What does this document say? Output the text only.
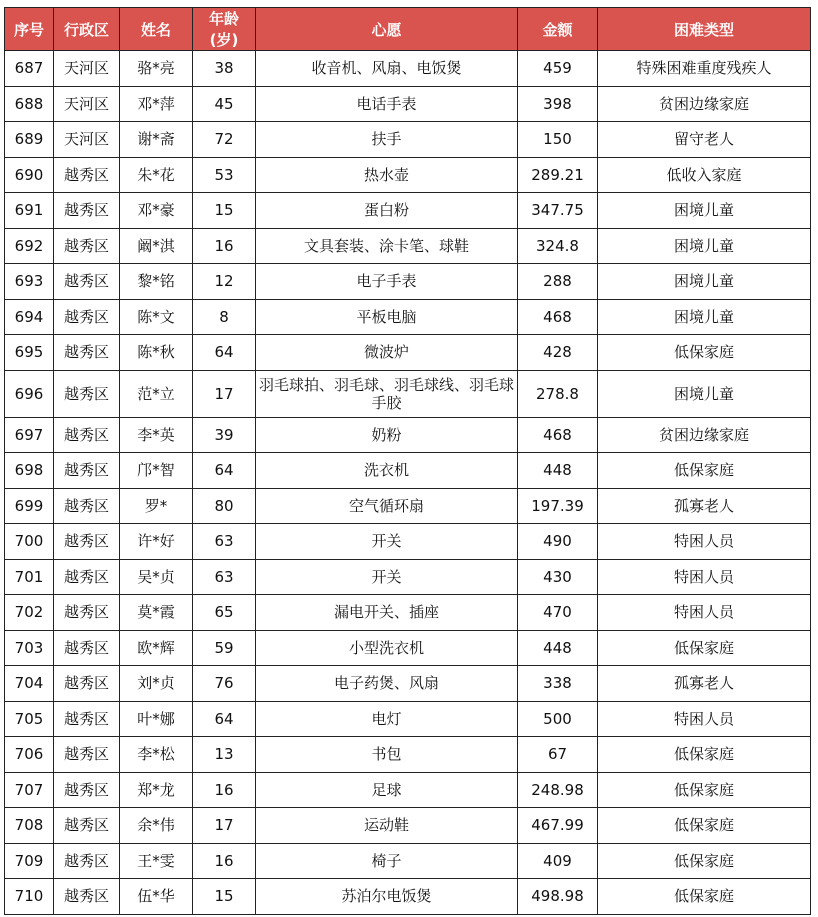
序号	行政区	姓名	年龄(岁)	心愿	金额	困难类型
687	天河区	骆*亮	38	收音机、风扇、电饭煲	459	特殊困难重度残疾人
688	天河区	邓*萍	45	电话手表	398	贫困边缘家庭
689	天河区	谢*斋	72	扶手	150	留守老人
690	越秀区	朱*花	53	热水壶	289.21	低收入家庭
691	越秀区	邓*豪	15	蛋白粉	347.75	困境儿童
692	越秀区	阚*淇	16	文具套装、涂卡笔、球鞋	324.8	困境儿童
693	越秀区	黎*铭	12	电子手表	288	困境儿童
694	越秀区	陈*文	8	平板电脑	468	困境儿童
695	越秀区	陈*秋	64	微波炉	428	低保家庭
696	越秀区	范*立	17	羽毛球拍、羽毛球、羽毛球线、羽毛球手胶	278.8	困境儿童
697	越秀区	李*英	39	奶粉	468	贫困边缘家庭
698	越秀区	邝*智	64	洗衣机	448	低保家庭
699	越秀区	罗*	80	空气循环扇	197.39	孤寡老人
700	越秀区	许*好	63	开关	490	特困人员
701	越秀区	吴*贞	63	开关	430	特困人员
702	越秀区	莫*霞	65	漏电开关、插座	470	特困人员
703	越秀区	欧*辉	59	小型洗衣机	448	低保家庭
704	越秀区	刘*贞	76	电子药煲、风扇	338	孤寡老人
705	越秀区	叶*娜	64	电灯	500	特困人员
706	越秀区	李*松	13	书包	67	低保家庭
707	越秀区	郑*龙	16	足球	248.98	低保家庭
708	越秀区	余*伟	17	运动鞋	467.99	低保家庭
709	越秀区	王*雯	16	椅子	409	低保家庭
710	越秀区	伍*华	15	苏泊尔电饭煲	498.98	低保家庭
